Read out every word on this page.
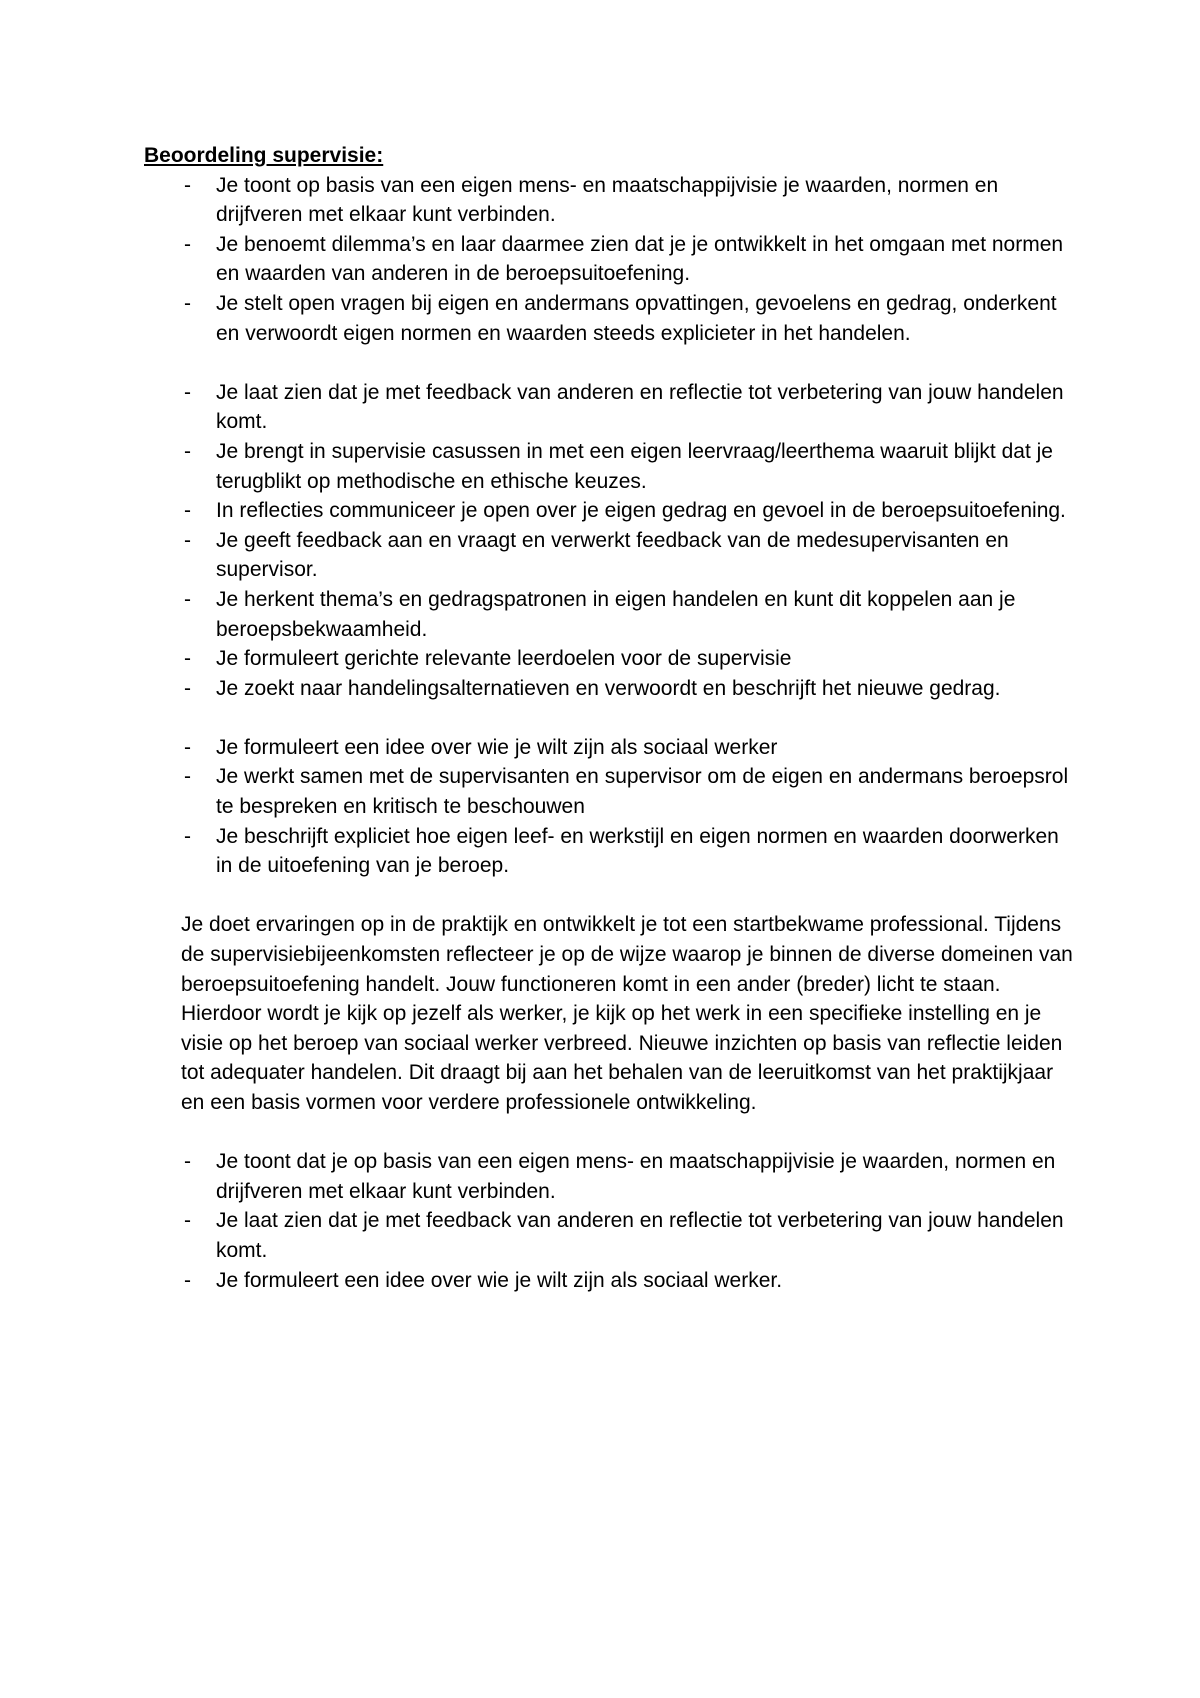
Beoordeling supervisie:

- Je toont op basis van een eigen mens- en maatschappijvisie je waarden, normen en drijfveren met elkaar kunt verbinden.
- Je benoemt dilemma’s en laar daarmee zien dat je je ontwikkelt in het omgaan met normen en waarden van anderen in de beroepsuitoefening.
- Je stelt open vragen bij eigen en andermans opvattingen, gevoelens en gedrag, onderkent en verwoordt eigen normen en waarden steeds explicieter in het handelen.
- Je laat zien dat je met feedback van anderen en reflectie tot verbetering van jouw handelen komt.
- Je brengt in supervisie casussen in met een eigen leervraag/leerthema waaruit blijkt dat je terugblikt op methodische en ethische keuzes.
- In reflecties communiceer je open over je eigen gedrag en gevoel in de beroepsuitoefening.
- Je geeft feedback aan en vraagt en verwerkt feedback van de medesupervisanten en supervisor.
- Je herkent thema’s en gedragspatronen in eigen handelen en kunt dit koppelen aan je beroepsbekwaamheid.
- Je formuleert gerichte relevante leerdoelen voor de supervisie
- Je zoekt naar handelingsalternatieven en verwoordt en beschrijft het nieuwe gedrag.
- Je formuleert een idee over wie je wilt zijn als sociaal werker
- Je werkt samen met de supervisanten en supervisor om de eigen en andermans beroepsrol te bespreken en kritisch te beschouwen
- Je beschrijft expliciet hoe eigen leef- en werkstijl en eigen normen en waarden doorwerken in de uitoefening van je beroep.

Je doet ervaringen op in de praktijk en ontwikkelt je tot een startbekwame professional. Tijdens de supervisiebijeenkomsten reflecteer je op de wijze waarop je binnen de diverse domeinen van beroepsuitoefening handelt. Jouw functioneren komt in een ander (breder) licht te staan. Hierdoor wordt je kijk op jezelf als werker, je kijk op het werk in een specifieke instelling en je visie op het beroep van sociaal werker verbreed. Nieuwe inzichten op basis van reflectie leiden tot adequater handelen. Dit draagt bij aan het behalen van de leeruitkomst van het praktijkjaar en een basis vormen voor verdere professionele ontwikkeling.

- Je toont dat je op basis van een eigen mens- en maatschappijvisie je waarden, normen en drijfveren met elkaar kunt verbinden.
- Je laat zien dat je met feedback van anderen en reflectie tot verbetering van jouw handelen komt.
- Je formuleert een idee over wie je wilt zijn als sociaal werker.
